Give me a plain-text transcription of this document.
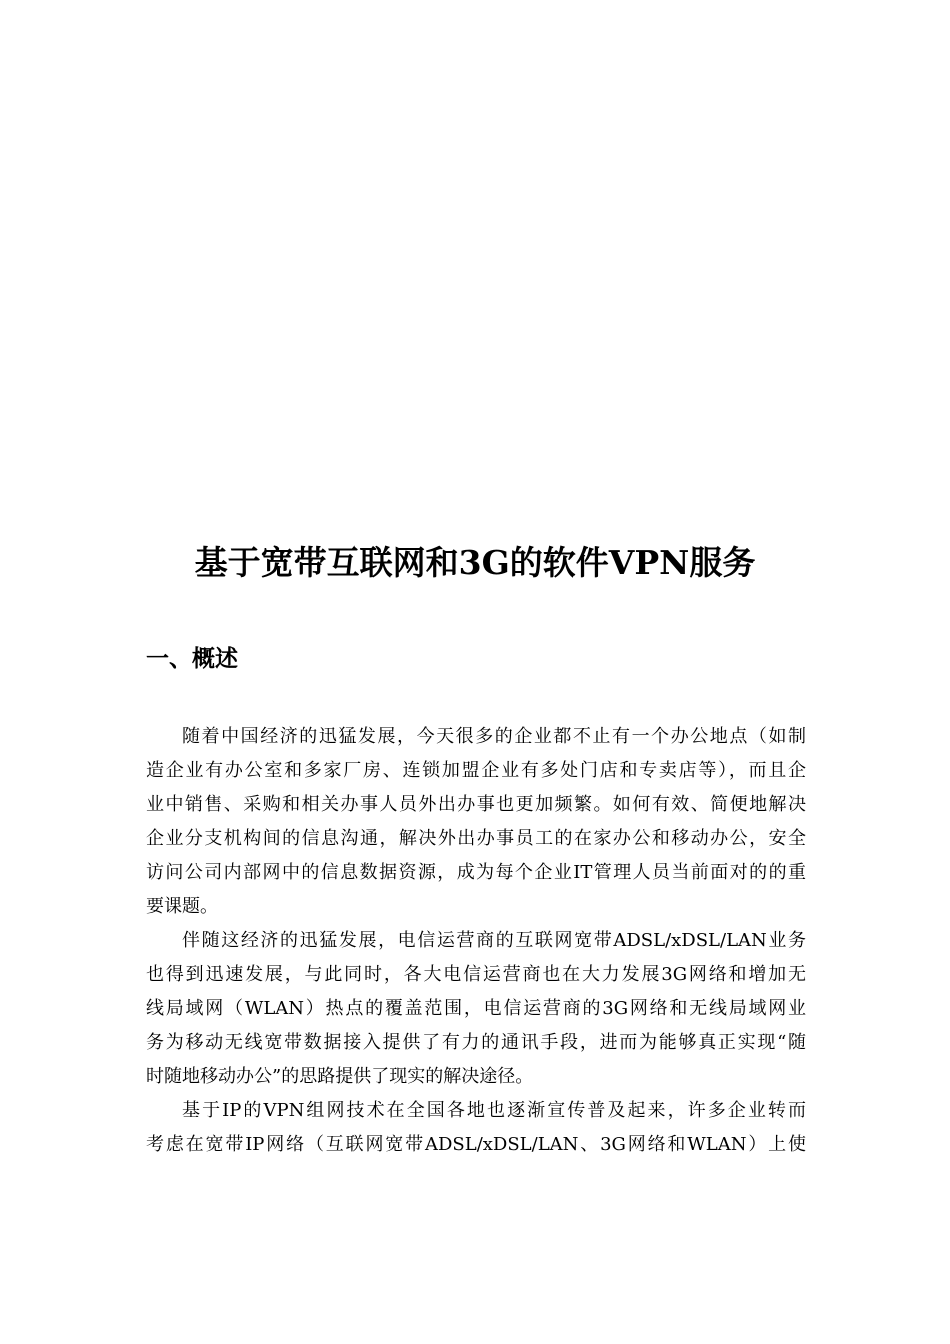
基于宽带互联网和3G的软件VPN服务
一、概述

随着中国经济的迅猛发展，今天很多的企业都不止有一个办公地点（如制
造企业有办公室和多家厂房、连锁加盟企业有多处门店和专卖店等），而且企
业中销售、采购和相关办事人员外出办事也更加频繁。如何有效、简便地解决
企业分支机构间的信息沟通，解决外出办事员工的在家办公和移动办公，安全
访问公司内部网中的信息数据资源，成为每个企业IT管理人员当前面对的的重
要课题。

伴随这经济的迅猛发展，电信运营商的互联网宽带ADSL/xDSL/LAN业务
也得到迅速发展，与此同时，各大电信运营商也在大力发展3G网络和增加无
线局域网（WLAN）热点的覆盖范围，电信运营商的3G网络和无线局域网业
务为移动无线宽带数据接入提供了有力的通讯手段，进而为能够真正实现“随
时随地移动办公”的思路提供了现实的解决途径。

基于IP的VPN组网技术在全国各地也逐渐宣传普及起来，许多企业转而
考虑在宽带IP网络（互联网宽带ADSL/xDSL/LAN、3G网络和WLAN）上使
